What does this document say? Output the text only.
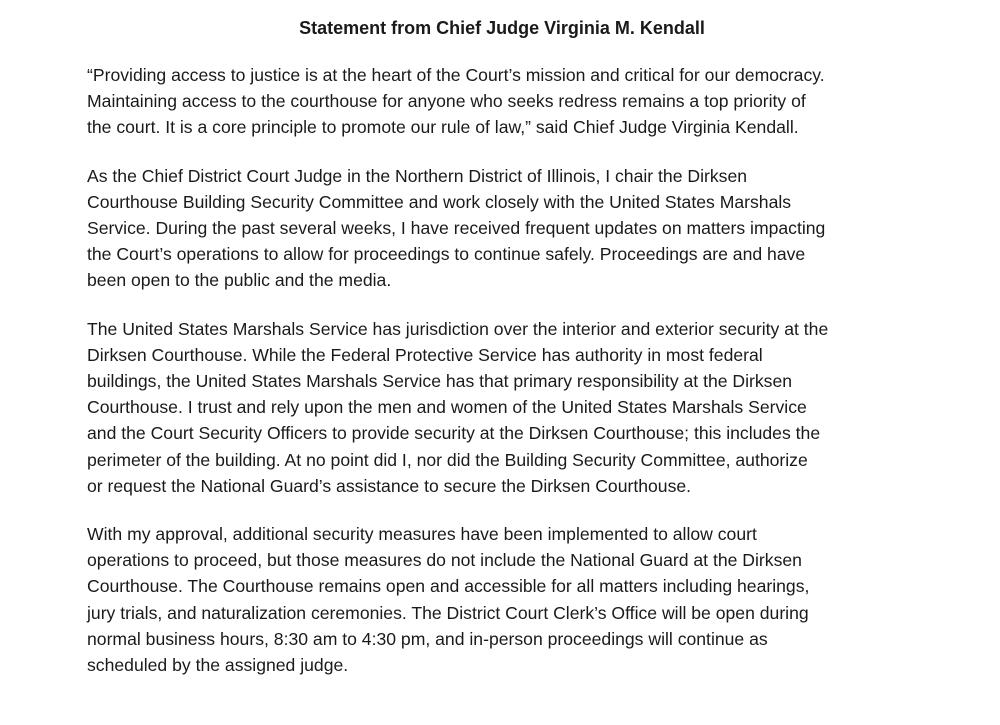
Statement from Chief Judge Virginia M. Kendall

“Providing access to justice is at the heart of the Court’s mission and critical for our democracy.
Maintaining access to the courthouse for anyone who seeks redress remains a top priority of
the court. It is a core principle to promote our rule of law,” said Chief Judge Virginia Kendall.

As the Chief District Court Judge in the Northern District of Illinois, I chair the Dirksen
Courthouse Building Security Committee and work closely with the United States Marshals
Service. During the past several weeks, I have received frequent updates on matters impacting
the Court’s operations to allow for proceedings to continue safely. Proceedings are and have
been open to the public and the media.

The United States Marshals Service has jurisdiction over the interior and exterior security at the
Dirksen Courthouse. While the Federal Protective Service has authority in most federal
buildings, the United States Marshals Service has that primary responsibility at the Dirksen
Courthouse. I trust and rely upon the men and women of the United States Marshals Service
and the Court Security Officers to provide security at the Dirksen Courthouse; this includes the
perimeter of the building. At no point did I, nor did the Building Security Committee, authorize
or request the National Guard’s assistance to secure the Dirksen Courthouse.

With my approval, additional security measures have been implemented to allow court
operations to proceed, but those measures do not include the National Guard at the Dirksen
Courthouse. The Courthouse remains open and accessible for all matters including hearings,
jury trials, and naturalization ceremonies. The District Court Clerk’s Office will be open during
normal business hours, 8:30 am to 4:30 pm, and in-person proceedings will continue as
scheduled by the assigned judge.
